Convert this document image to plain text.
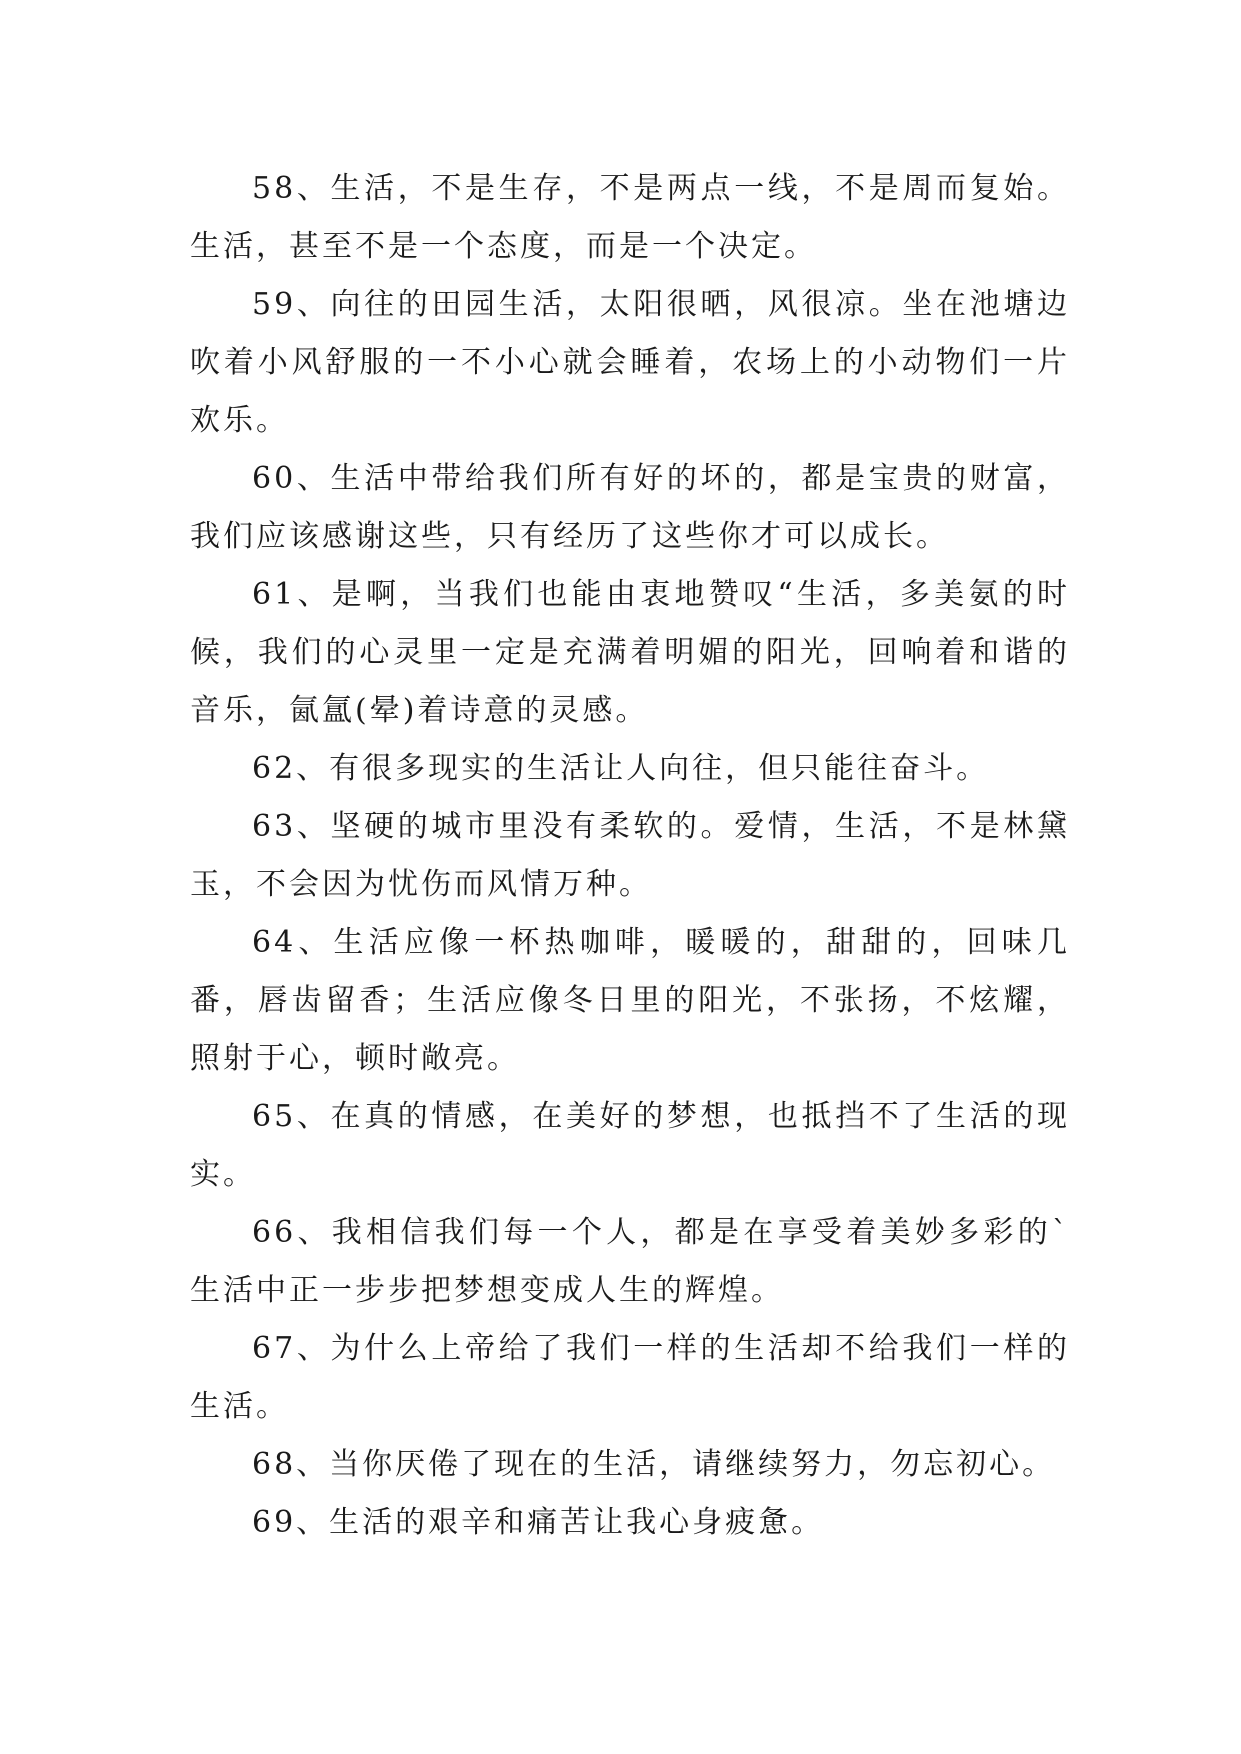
58、生活，不是生存，不是两点一线，不是周而复始。生活，甚至不是一个态度，而是一个决定。

59、向往的田园生活，太阳很晒，风很凉。坐在池塘边吹着小风舒服的一不小心就会睡着，农场上的小动物们一片欢乐。

60、生活中带给我们所有好的坏的，都是宝贵的财富，我们应该感谢这些，只有经历了这些你才可以成长。

61、是啊，当我们也能由衷地赞叹“生活，多美氨的时候，我们的心灵里一定是充满着明媚的阳光，回响着和谐的音乐，氤氲(晕)着诗意的灵感。

62、有很多现实的生活让人向往，但只能往奋斗。

63、坚硬的城市里没有柔软的。爱情，生活，不是林黛玉，不会因为忧伤而风情万种。

64、生活应像一杯热咖啡，暖暖的，甜甜的，回味几番，唇齿留香；生活应像冬日里的阳光，不张扬，不炫耀，照射于心，顿时敞亮。

65、在真的情感，在美好的梦想，也抵挡不了生活的现实。

66、我相信我们每一个人，都是在享受着美妙多彩的`生活中正一步步把梦想变成人生的辉煌。

67、为什么上帝给了我们一样的生活却不给我们一样的生活。

68、当你厌倦了现在的生活，请继续努力，勿忘初心。

69、生活的艰辛和痛苦让我心身疲惫。
